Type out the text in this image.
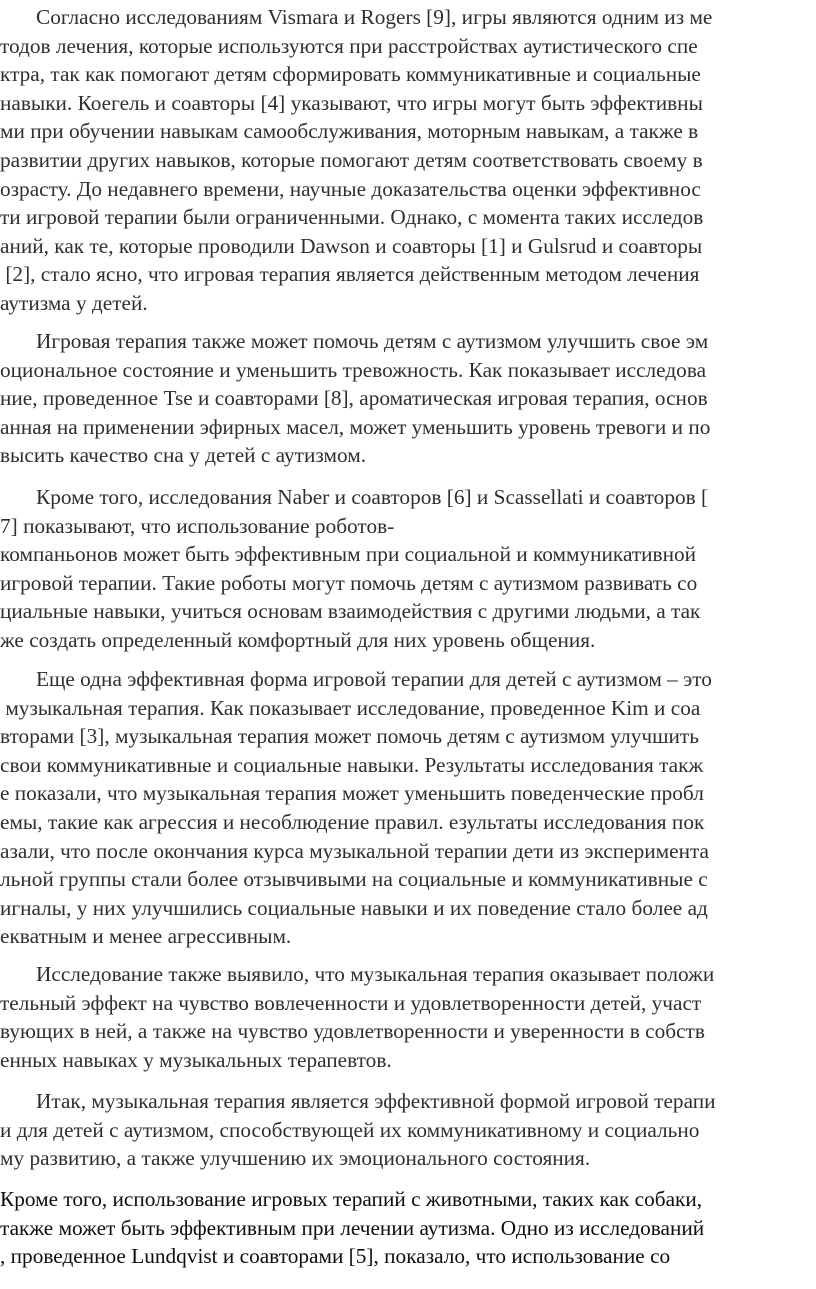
Согласно исследованиям Vismara и Rogers [9], игры являются одним из ме
тодов лечения, которые используются при расстройствах аутистического спе
ктра, так как помогают детям сформировать коммуникативные и социальные
навыки. Коегель и соавторы [4] указывают, что игры могут быть эффективны
ми при обучении навыкам самообслуживания, моторным навыкам, а также в
развитии других навыков, которые помогают детям соответствовать своему в
озрасту. До недавнего времени, научные доказательства оценки эффективнос
ти игровой терапии были ограниченными. Однако, с момента таких исследов
аний, как те, которые проводили Dawson и соавторы [1] и Gulsrud и соавторы
[2], стало ясно, что игровая терапия является действенным методом лечения
аутизма у детей.
Игровая терапия также может помочь детям с аутизмом улучшить свое эм
оциональное состояние и уменьшить тревожность. Как показывает исследова
ние, проведенное Tse и соавторами [8], ароматическая игровая терапия, основ
анная на применении эфирных масел, может уменьшить уровень тревоги и по
высить качество сна у детей с аутизмом.
Кроме того, исследования Naber и соавторов [6] и Scassellati и соавторов [
7] показывают, что использование роботов-
компаньонов может быть эффективным при социальной и коммуникативной
игровой терапии. Такие роботы могут помочь детям с аутизмом развивать со
циальные навыки, учиться основам взаимодействия с другими людьми, а так
же создать определенный комфортный для них уровень общения.
Еще одна эффективная форма игровой терапии для детей с аутизмом – это
музыкальная терапия. Как показывает исследование, проведенное Kim и соа
вторами [3], музыкальная терапия может помочь детям с аутизмом улучшить
свои коммуникативные и социальные навыки. Результаты исследования такж
е показали, что музыкальная терапия может уменьшить поведенческие пробл
емы, такие как агрессия и несоблюдение правил. езультаты исследования пок
азали, что после окончания курса музыкальной терапии дети из эксперимента
льной группы стали более отзывчивыми на социальные и коммуникативные с
игналы, у них улучшились социальные навыки и их поведение стало более ад
екватным и менее агрессивным.
Исследование также выявило, что музыкальная терапия оказывает положи
тельный эффект на чувство вовлеченности и удовлетворенности детей, участ
вующих в ней, а также на чувство удовлетворенности и уверенности в собств
енных навыках у музыкальных терапевтов.
Итак, музыкальная терапия является эффективной формой игровой терапи
и для детей с аутизмом, способствующей их коммуникативному и социально
му развитию, а также улучшению их эмоционального состояния.
Кроме того, использование игровых терапий с животными, таких как собаки,
также может быть эффективным при лечении аутизма. Одно из исследований
, проведенное Lundqvist и соавторами [5], показало, что использование со
